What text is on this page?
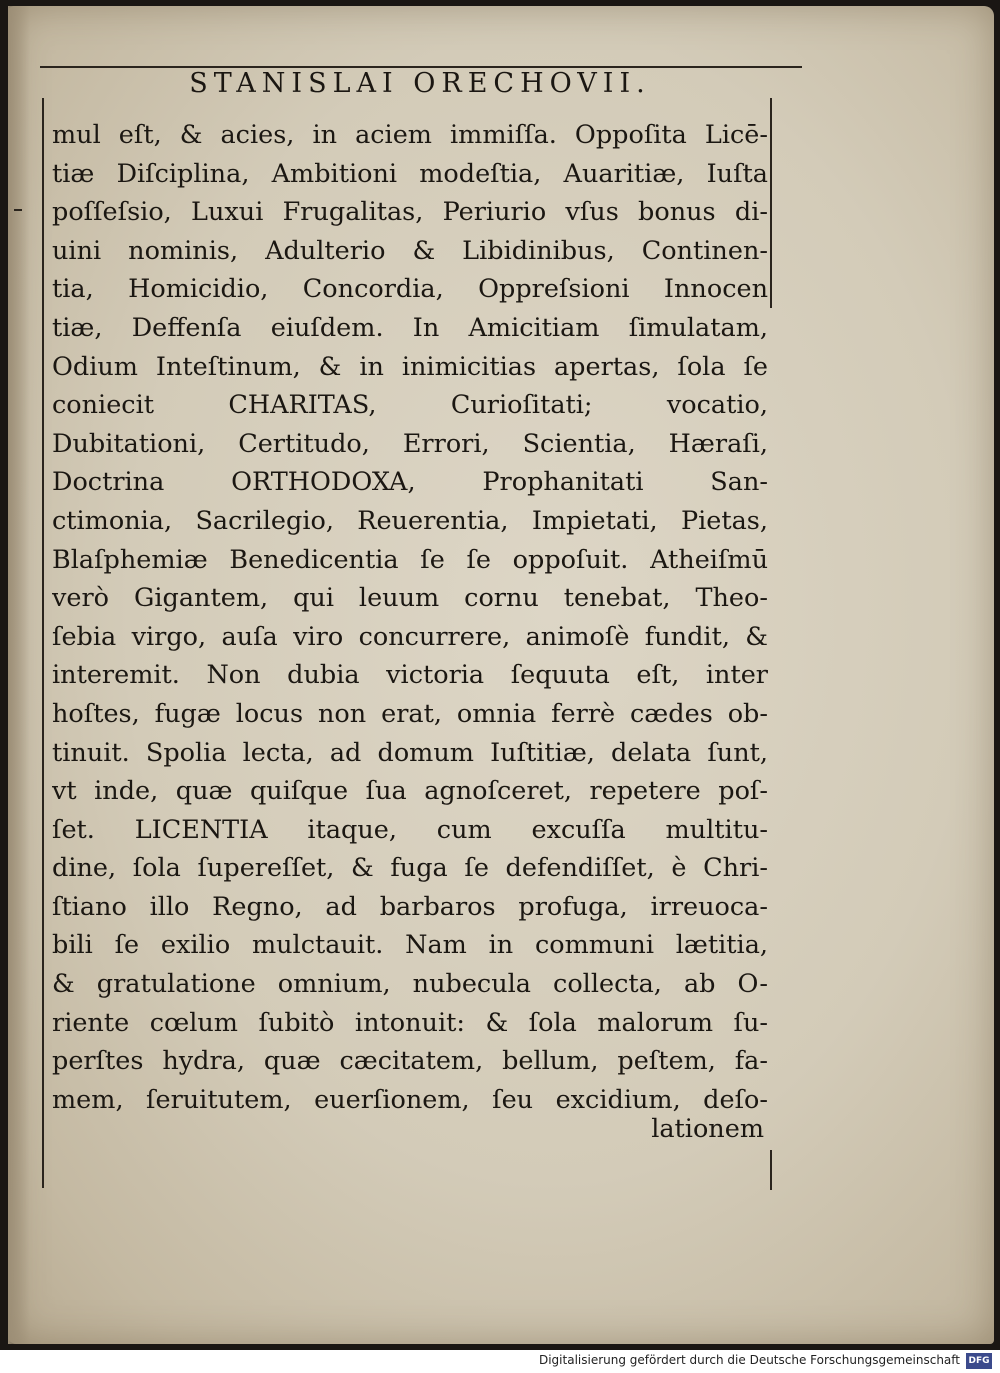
STANISLAI ORECHOVII.
mul eſt, & acies, in aciem immiſſa. Oppoſita Licē-
tiæ Diſciplina, Ambitioni modeſtia, Auaritiæ, Iuſta
poſſeſsio, Luxui Frugalitas, Periurio vſus bonus di-
uini nominis, Adulterio & Libidinibus, Continen-
tia, Homicidio, Concordia, Oppreſsioni Innocen
tiæ, Deffenſa eiuſdem. In Amicitiam ſimulatam,
Odium Inteſtinum, & in inimicitias apertas, ſola ſe
coniecit CHARITAS, Curioſitati; vocatio,
Dubitationi, Certitudo, Errori, Scientia, Hæraſi,
Doctrina ORTHODOXA, Prophanitati San-
ctimonia, Sacrilegio, Reuerentia, Impietati, Pietas,
Blaſphemiæ Benedicentia ſe ſe oppoſuit. Atheiſmū
verò Gigantem, qui leuum cornu tenebat, Theo-
ſebia virgo, auſa viro concurrere, animoſè fundit, &
interemit. Non dubia victoria ſequuta eſt, inter
hoſtes, fugæ locus non erat, omnia ferrè cædes ob-
tinuit. Spolia lecta, ad domum Iuſtitiæ, delata ſunt,
vt inde, quæ quiſque ſua agnoſceret, repetere poſ-
ſet. LICENTIA itaque, cum excuſſa multitu-
dine, ſola ſupereſſet, & fuga ſe defendiſſet, è Chri-
ſtiano illo Regno, ad barbaros profuga, irreuoca-
bili ſe exilio mulctauit. Nam in communi lætitia,
& gratulatione omnium, nubecula collecta, ab O-
riente cœlum ſubitò intonuit: & ſola malorum ſu-
perſtes hydra, quæ cæcitatem, bellum, peſtem, fa-
mem, ſeruitutem, euerſionem, ſeu excidium, deſo-
lationem
Digitalisierung gefördert durch die Deutsche Forschungsgemeinschaft DFG
